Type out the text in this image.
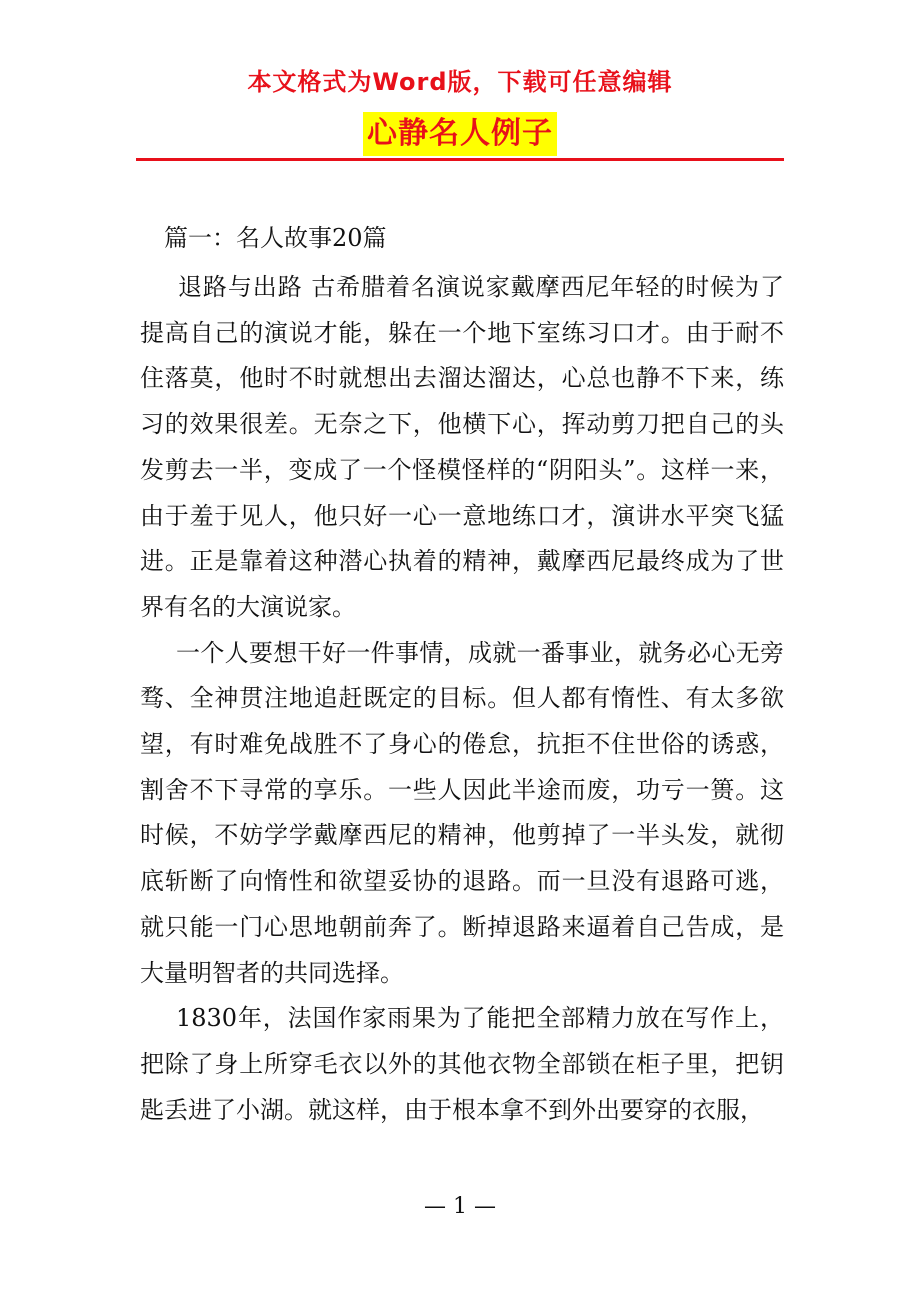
本文格式为Word版，下载可任意编辑
心静名人例子
篇一：名人故事20篇

退路与出路 古希腊着名演说家戴摩西尼年轻的时候为了提高自己的演说才能，躲在一个地下室练习口才。由于耐不住落莫，他时不时就想出去溜达溜达，心总也静不下来，练习的效果很差。无奈之下，他横下心，挥动剪刀把自己的头发剪去一半，变成了一个怪模怪样的“阴阳头”。这样一来，由于羞于见人，他只好一心一意地练口才，演讲水平突飞猛进。正是靠着这种潜心执着的精神，戴摩西尼最终成为了世界有名的大演说家。

一个人要想干好一件事情，成就一番事业，就务必心无旁骛、全神贯注地追赶既定的目标。但人都有惰性、有太多欲望，有时难免战胜不了身心的倦怠，抗拒不住世俗的诱惑，割舍不下寻常的享乐。一些人因此半途而废，功亏一篑。这时候，不妨学学戴摩西尼的精神，他剪掉了一半头发，就彻底斩断了向惰性和欲望妥协的退路。而一旦没有退路可逃，就只能一门心思地朝前奔了。断掉退路来逼着自己告成，是大量明智者的共同选择。

1830年，法国作家雨果为了能把全部精力放在写作上，把除了身上所穿毛衣以外的其他衣物全部锁在柜子里，把钥匙丢进了小湖。就这样，由于根本拿不到外出要穿的衣服，

— 1 —
